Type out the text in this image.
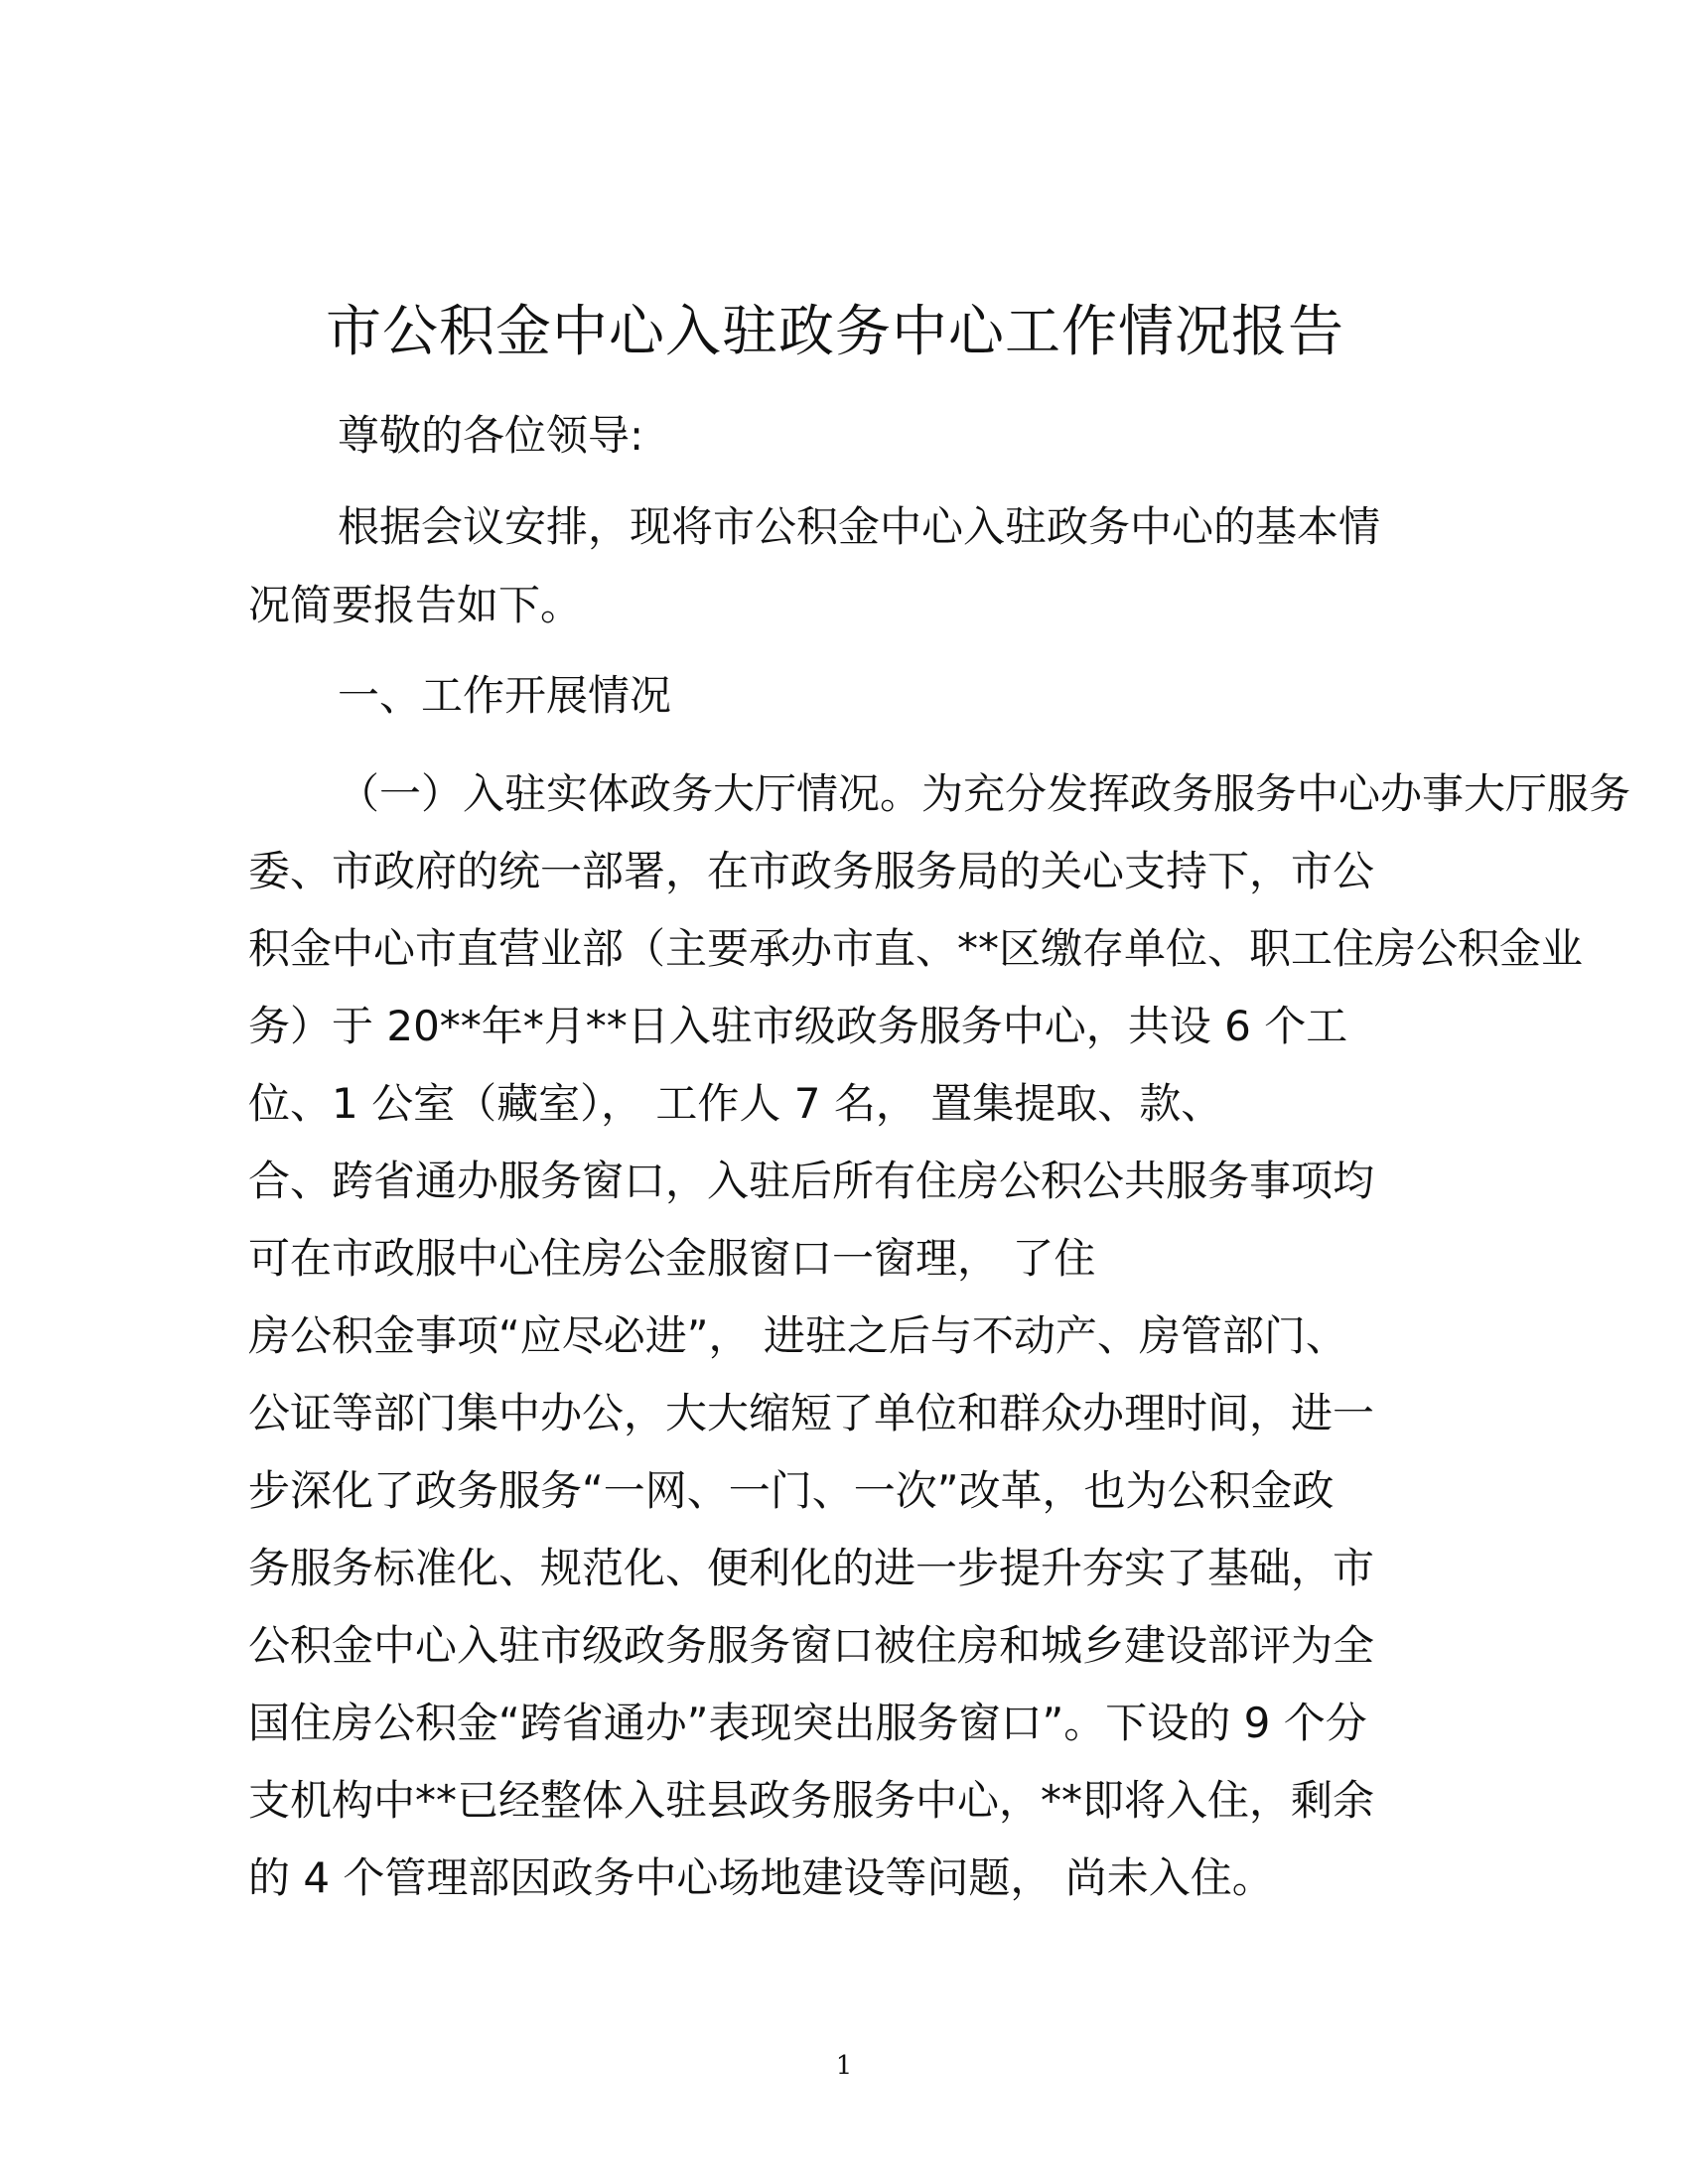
市公积金中心入驻政务中心工作情况报告
尊敬的各位领导:
根据会议安排，现将市公积金中心入驻政务中心的基本情
况简要报告如下。
一、工作开展情况
（一）入驻实体政务大厅情况。为充分发挥政务服务中心办事大厅服务
委、市政府的统一部署，在市政务服务局的关心支持下，市公
积金中心市直营业部（主要承办市直、**区缴存单位、职工住房公积金业
务）于 20**年*月**日入驻市级政务服务中心，共设 6 个工
位、1 公室（藏室）， 工作人 7 名， 置集提取、款、
合、跨省通办服务窗口，入驻后所有住房公积公共服务事项均
可在市政服中心住房公金服窗口一窗理， 了住
房公积金事项“应尽必进”， 进驻之后与不动产、房管部门、
公证等部门集中办公，大大缩短了单位和群众办理时间，进一
步深化了政务服务“一网、一门、一次”改革，也为公积金政
务服务标准化、规范化、便利化的进一步提升夯实了基础，市
公积金中心入驻市级政务服务窗口被住房和城乡建设部评为全
国住房公积金“跨省通办”表现突出服务窗口”。下设的 9 个分
支机构中**已经整体入驻县政务服务中心，**即将入住，剩余
的 4 个管理部因政务中心场地建设等问题， 尚未入住。
1
